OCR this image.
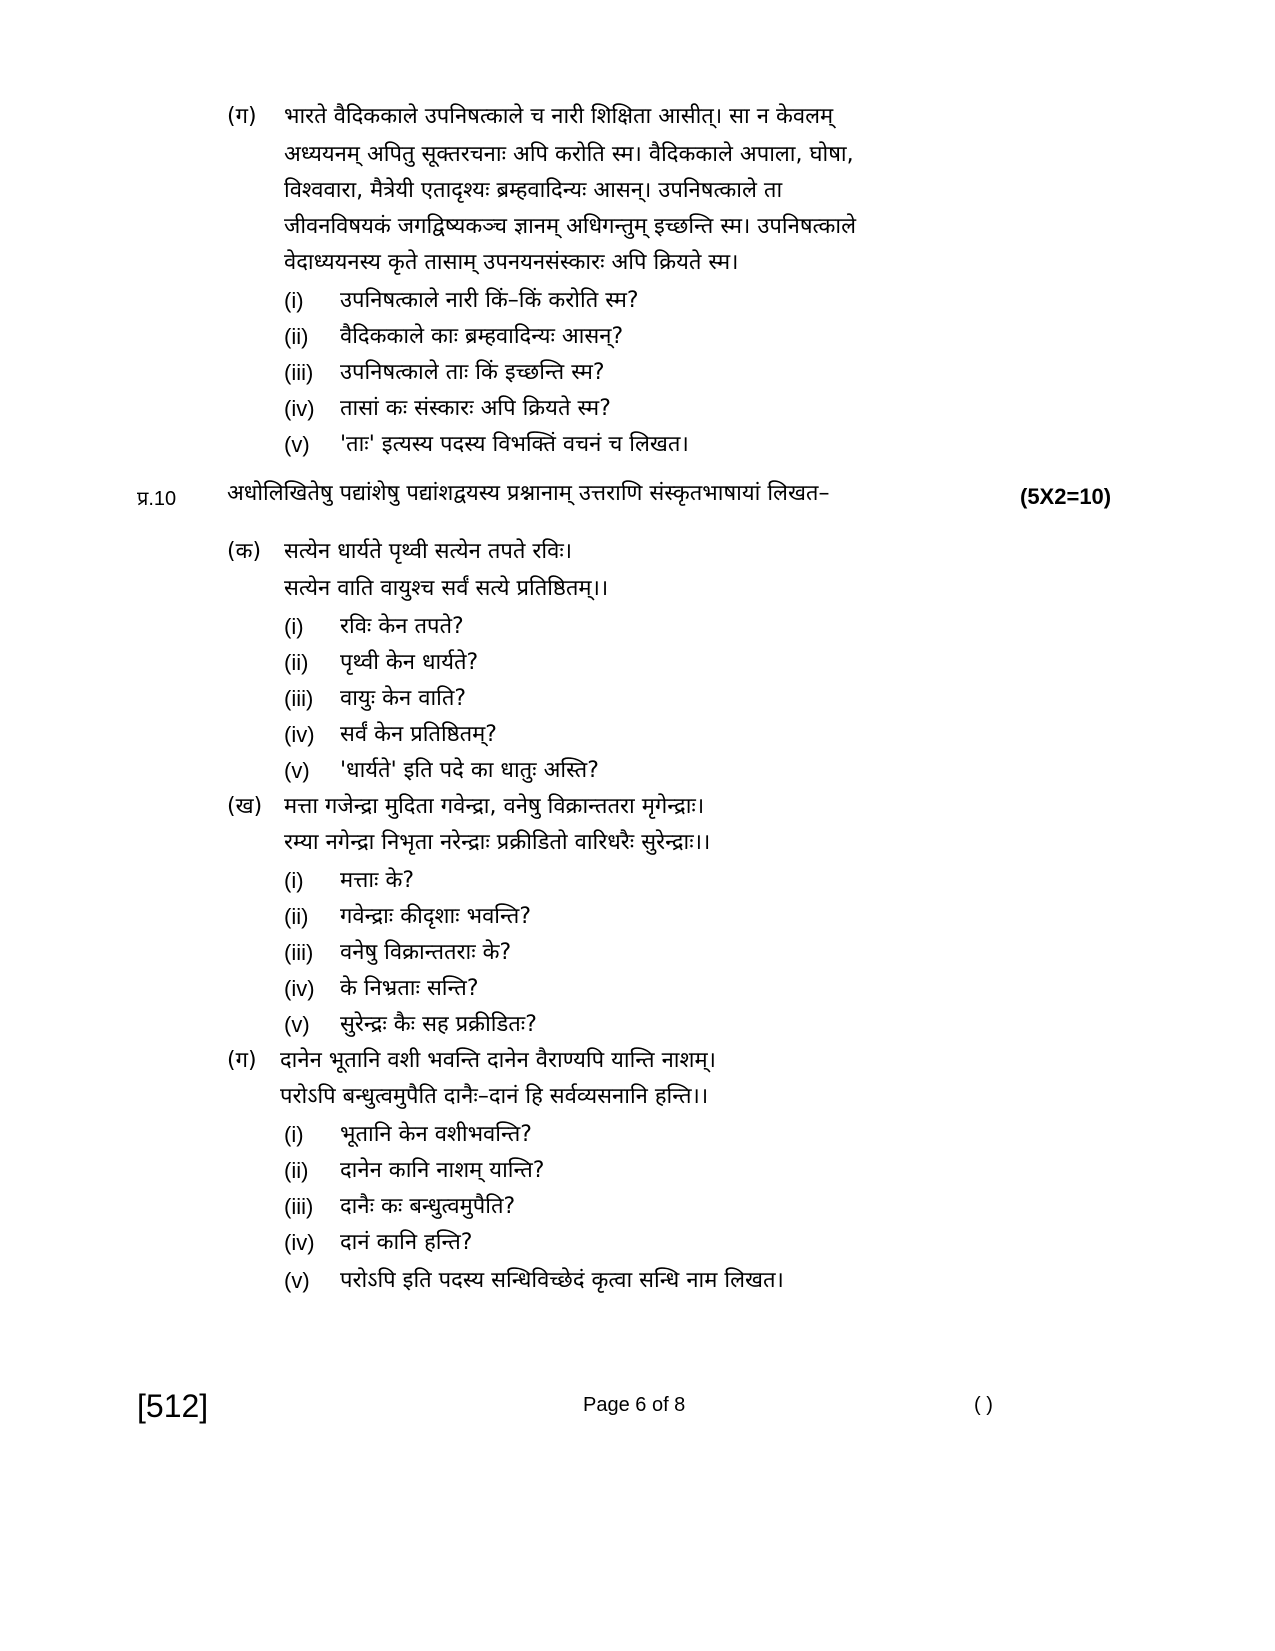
(ग) भारते वैदिककाले उपनिषत्काले च नारी शिक्षिता आसीत्। सा न केवलम्
अध्ययनम् अपितु सूक्तरचनाः अपि करोति स्म। वैदिककाले अपाला, घोषा,
विश्ववारा, मैत्रेयी एतादृश्यः ब्रम्हवादिन्यः आसन्। उपनिषत्काले ता
जीवनविषयकं जगद्विष्यकञ्च ज्ञानम् अधिगन्तुम् इच्छन्ति स्म। उपनिषत्काले
वेदाध्ययनस्य कृते तासाम् उपनयनसंस्कारः अपि क्रियते स्म।
(i) उपनिषत्काले नारी किं–किं करोति स्म?
(ii) वैदिककाले काः ब्रम्हवादिन्यः आसन्?
(iii) उपनिषत्काले ताः किं इच्छन्ति स्म?
(iv) तासां कः संस्कारः अपि क्रियते स्म?
(v) 'ताः' इत्यस्य पदस्य विभक्तिं वचनं च लिखत।
प्र.10 अधोलिखितेषु पद्यांशेषु पद्यांशद्वयस्य प्रश्नानाम् उत्तराणि संस्कृतभाषायां लिखत–	(5X2=10)
(क) सत्येन धार्यते पृथ्वी सत्येन तपते रविः।
सत्येन वाति वायुश्च सर्वं सत्ये प्रतिष्ठितम्।।
(i) रविः केन तपते?
(ii) पृथ्वी केन धार्यते?
(iii) वायुः केन वाति?
(iv) सर्वं केन प्रतिष्ठितम्?
(v) 'धार्यते' इति पदे का धातुः अस्ति?
(ख) मत्ता गजेन्द्रा मुदिता गवेन्द्रा, वनेषु विक्रान्ततरा मृगेन्द्राः।
रम्या नगेन्द्रा निभृता नरेन्द्राः प्रक्रीडितो वारिधरैः सुरेन्द्राः।।
(i) मत्ताः के?
(ii) गवेन्द्राः कीदृशाः भवन्ति?
(iii) वनेषु विक्रान्ततराः के?
(iv) के निभ्रताः सन्ति?
(v) सुरेन्द्रः कैः सह प्रक्रीडितः?
(ग) दानेन भूतानि वशी भवन्ति दानेन वैराण्यपि यान्ति नाशम्।
परोऽपि बन्धुत्वमुपैति दानैः–दानं हि सर्वव्यसनानि हन्ति।।
(i) भूतानि केन वशीभवन्ति?
(ii) दानेन कानि नाशम् यान्ति?
(iii) दानैः कः बन्धुत्वमुपैति?
(iv) दानं कानि हन्ति?
(v) परोऽपि इति पदस्य सन्धिविच्छेदं कृत्वा सन्धि नाम लिखत।
[512]	Page 6 of 8	( )
